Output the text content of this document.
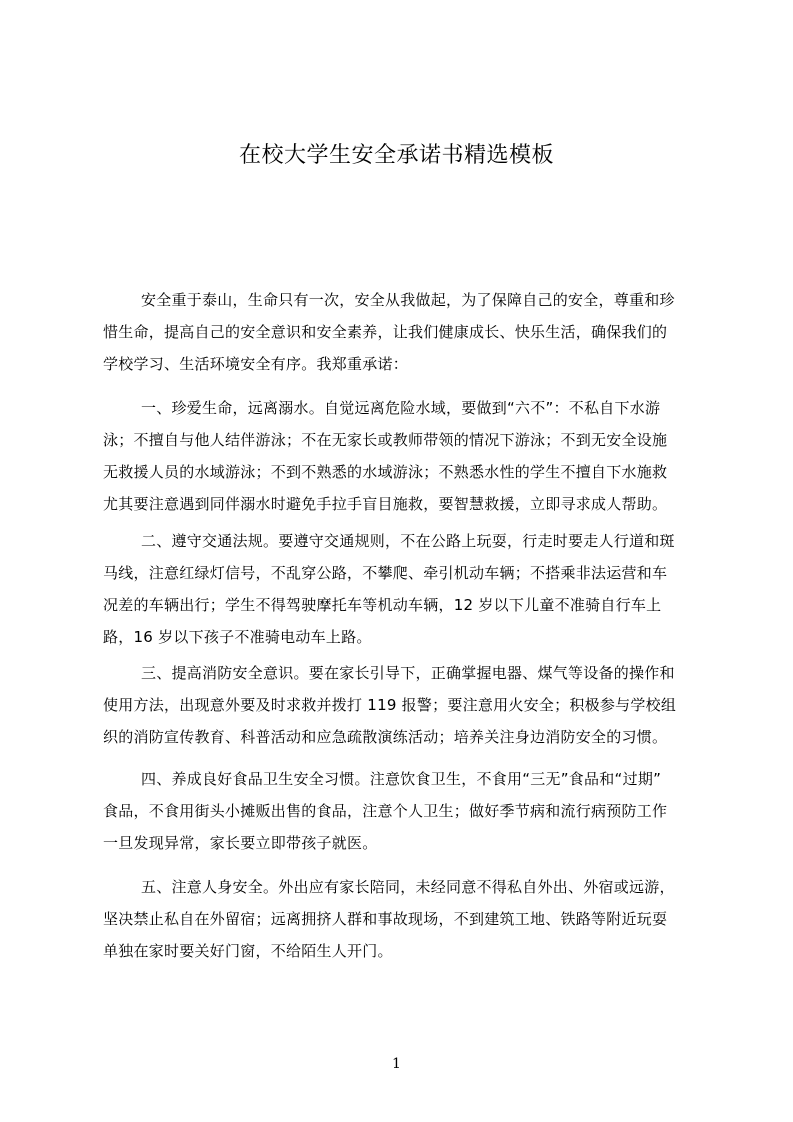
在校大学生安全承诺书精选模板
安全重于泰山，生命只有一次，安全从我做起，为了保障自己的安全，尊重和珍
惜生命，提高自己的安全意识和安全素养，让我们健康成长、快乐生活，确保我们的
学校学习、生活环境安全有序。我郑重承诺：
一、珍爱生命，远离溺水。自觉远离危险水域，要做到“六不”：不私自下水游
泳；不擅自与他人结伴游泳；不在无家长或教师带领的情况下游泳；不到无安全设施
无救援人员的水域游泳；不到不熟悉的水域游泳；不熟悉水性的学生不擅自下水施救
尤其要注意遇到同伴溺水时避免手拉手盲目施救，要智慧救援，立即寻求成人帮助。
二、遵守交通法规。要遵守交通规则，不在公路上玩耍，行走时要走人行道和斑
马线，注意红绿灯信号，不乱穿公路，不攀爬、牵引机动车辆；不搭乘非法运营和车
况差的车辆出行；学生不得驾驶摩托车等机动车辆，12 岁以下儿童不准骑自行车上
路，16 岁以下孩子不准骑电动车上路。
三、提高消防安全意识。要在家长引导下，正确掌握电器、煤气等设备的操作和
使用方法，出现意外要及时求救并拨打 119 报警；要注意用火安全；积极参与学校组
织的消防宣传教育、科普活动和应急疏散演练活动；培养关注身边消防安全的习惯。
四、养成良好食品卫生安全习惯。注意饮食卫生，不食用“三无”食品和“过期”
食品，不食用街头小摊贩出售的食品，注意个人卫生；做好季节病和流行病预防工作
一旦发现异常，家长要立即带孩子就医。
五、注意人身安全。外出应有家长陪同，未经同意不得私自外出、外宿或远游，
坚决禁止私自在外留宿；远离拥挤人群和事故现场，不到建筑工地、铁路等附近玩耍
单独在家时要关好门窗，不给陌生人开门。
1
